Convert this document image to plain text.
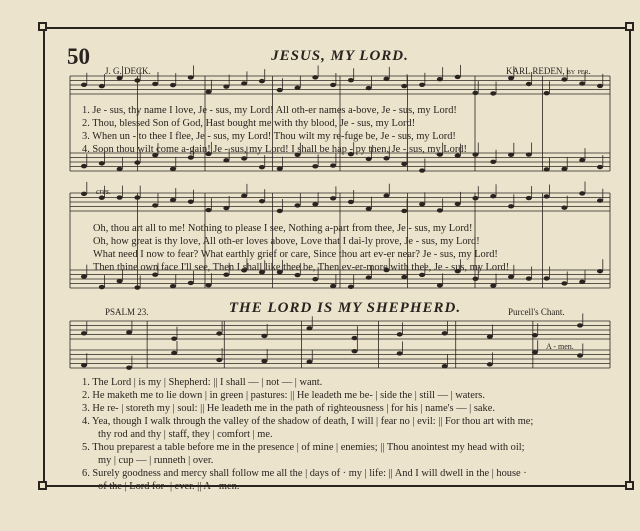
50	JESUS, MY LORD.
J. G. DECK.	KARL REDEN, by per.
1. Je - sus, thy name I love, Je - sus, my Lord! All oth-er names a-bove, Je - sus, my Lord!
2. Thou, blessed Son of God, Hast bought me with thy blood, Je - sus, my Lord!
3. When un - to thee I flee, Je - sus, my Lord! Thou wilt my re-fuge be, Je - sus, my Lord!
4. Soon thou wilt come a-gain! Je - sus, my Lord! I shall be hap - py then, Je - sus, my Lord!
cres.
Oh, thou art all to me! Nothing to please I see, Nothing a-part from thee, Je - sus, my Lord!
Oh, how great is thy love, All oth-er loves above, Love that I dai-ly prove, Je - sus, my Lord!
What need I now to fear? What earthly grief or care, Since thou art ev-er near? Je - sus, my Lord!
Then thine own face I'll see, Then I shall like thee be, Then ev-er-more with thee, Je - sus, my Lord!
PSALM 23.	THE LORD IS MY SHEPHERD.	Purcell's Chant.
A - men.
1. The Lord | is my | Shepherd: || I shall — | not — | want.
2. He maketh me to lie down | in green | pastures: || He leadeth me be- | side the | still — | waters.
3. He re- | storeth my | soul: || He leadeth me in the path of righteousness | for his | name's — | sake.
4. Yea, though I walk through the valley of the shadow of death, I will | fear no | evil: || For thou art with me;
thy rod and thy | staff, they | comfort | me.
5. Thou preparest a table before me in the presence | of mine | enemies; || Thou anointest my head with oil;
my | cup — | runneth | over.
6. Surely goodness and mercy shall follow me all the | days of · my | life: || And I will dwell in the | house ·
of the | Lord for- | ever. || A - men.
